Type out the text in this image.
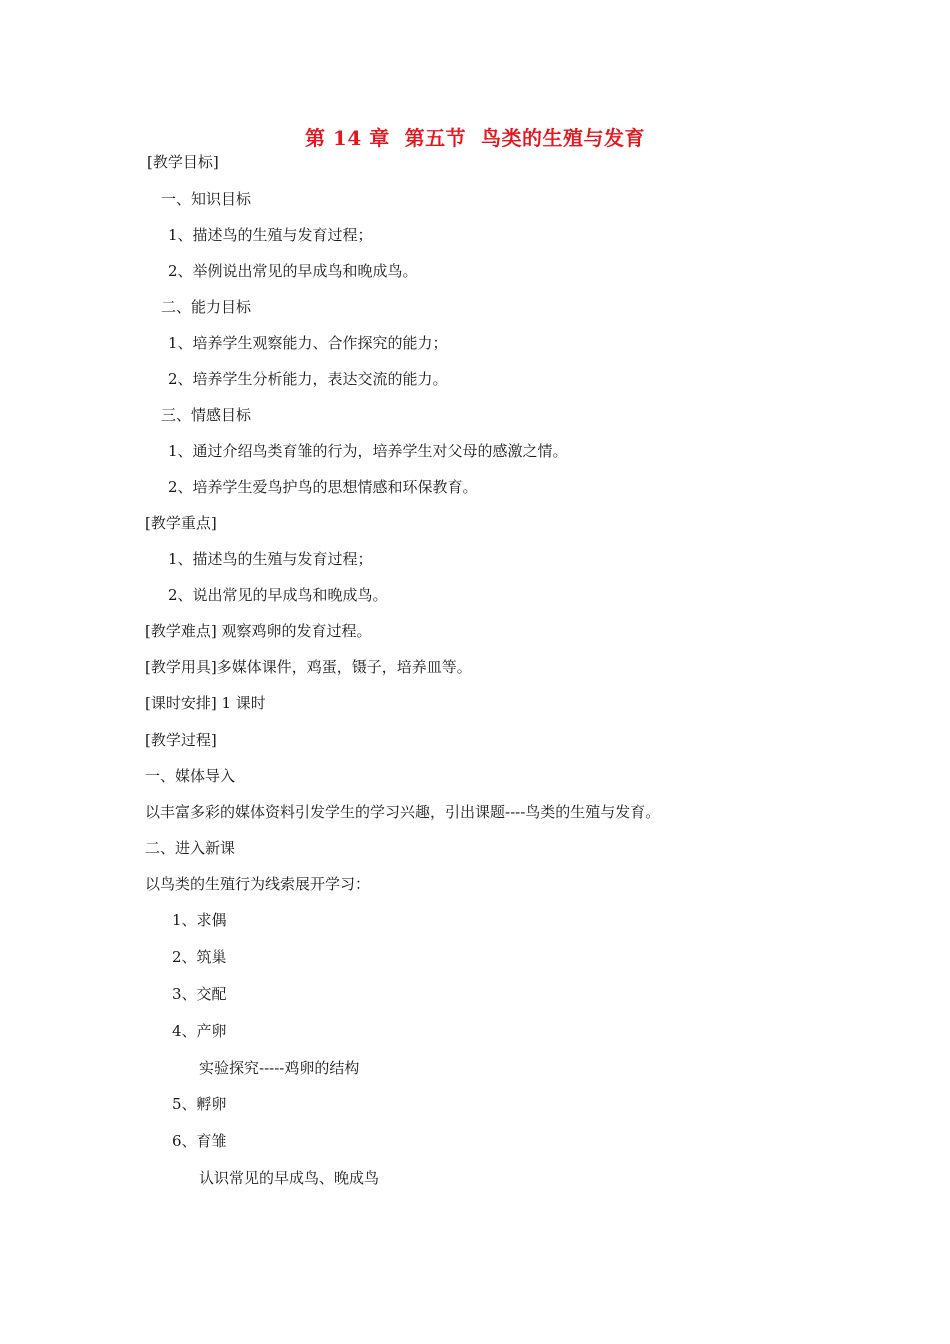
第 14 章  第五节  鸟类的生殖与发育
[教学目标]
一、知识目标
1、描述鸟的生殖与发育过程；
2、举例说出常见的早成鸟和晚成鸟。
二、能力目标
1、培养学生观察能力、合作探究的能力；
2、培养学生分析能力，表达交流的能力。
三、情感目标
1、通过介绍鸟类育雏的行为，培养学生对父母的感激之情。
2、培养学生爱鸟护鸟的思想情感和环保教育。
[教学重点]
1、描述鸟的生殖与发育过程；
2、说出常见的早成鸟和晚成鸟。
[教学难点] 观察鸡卵的发育过程。
[教学用具]多媒体课件，鸡蛋，镊子，培养皿等。
[课时安排] 1 课时
[教学过程]
一、媒体导入
以丰富多彩的媒体资料引发学生的学习兴趣，引出课题----鸟类的生殖与发育。
二、进入新课
以鸟类的生殖行为线索展开学习：
1、求偶
2、筑巢
3、交配
4、产卵
实验探究-----鸡卵的结构
5、孵卵
6、育雏
认识常见的早成鸟、晚成鸟
